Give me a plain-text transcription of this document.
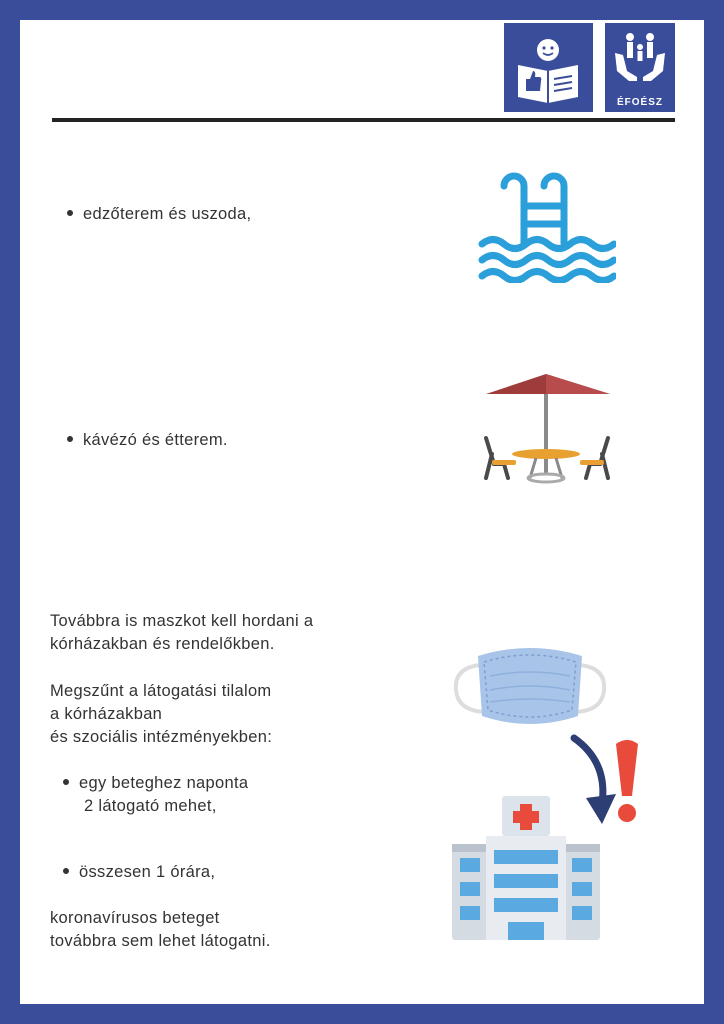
ÉFOÉSZ
edzőterem és uszoda,
kávézó és étterem.
Továbbra is maszkot kell hordani a
kórházakban és rendelőkben.
Megszűnt a látogatási tilalom
a kórházakban
és szociális intézményekben:
egy beteghez naponta
2 látogató mehet,
összesen 1 órára,
koronavírusos beteget
továbbra sem lehet látogatni.
